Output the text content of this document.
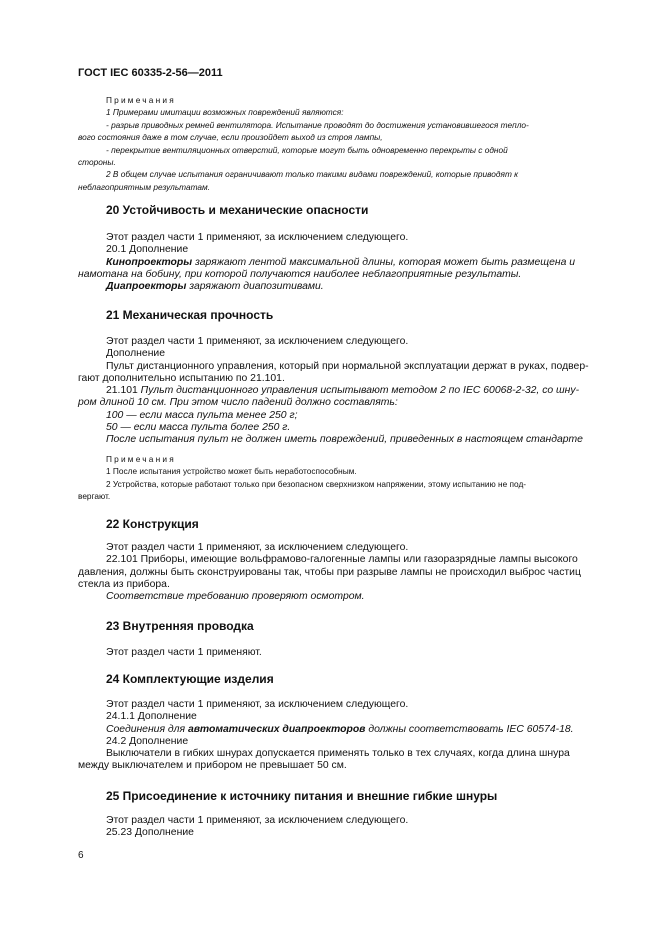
ГОСТ IEC 60335-2-56—2011

Примечания

1 Примерами имитации возможных повреждений являются:

- разрыв приводных ремней вентилятора. Испытание проводят до достижения установившегося тепло-

вого состояния даже в том случае, если произойдет выход из строя лампы,

- перекрытие вентиляционных отверстий, которые могут быть одновременно перекрыты с одной

стороны.

2 В общем случае испытания ограничивают только такими видами повреждений, которые приводят к

неблагоприятным результатам.

20 Устойчивость и механические опасности

Этот раздел части 1 применяют, за исключением следующего.

20.1 Дополнение

Кинопроекторы заряжают лентой максимальной длины, которая может быть размещена и

намотана на бобину, при которой получаются наиболее неблагоприятные результаты.

Диапроекторы заряжают диапозитивами.

21 Механическая прочность

Этот раздел части 1 применяют, за исключением следующего.

Дополнение

Пульт дистанционного управления, который при нормальной эксплуатации держат в руках, подвер-

гают дополнительно испытанию по 21.101.

21.101 Пульт дистанционного управления испытывают методом 2 по IEC 60068-2-32, со шну-

ром длиной 10 см. При этом число падений должно составлять:

100 — если масса пульта менее 250 г;

50 — если масса пульта более 250 г.

После испытания пульт не должен иметь повреждений, приведенных в настоящем стандарте

Примечания

1 После испытания устройство может быть неработоспособным.

2 Устройства, которые работают только при безопасном сверхнизком напряжении, этому испытанию не под-

вергают.

22 Конструкция

Этот раздел части 1 применяют, за исключением следующего.

22.101 Приборы, имеющие вольфрамово-галогенные лампы или газоразрядные лампы высокого

давления, должны быть сконструированы так, чтобы при разрыве лампы не происходил выброс частиц

стекла из прибора.

Соответствие требованию проверяют осмотром.

23 Внутренняя проводка

Этот раздел части 1 применяют.

24 Комплектующие изделия

Этот раздел части 1 применяют, за исключением следующего.

24.1.1 Дополнение

Соединения для автоматических диапроекторов должны соответствовать IEC 60574-18.

24.2 Дополнение

Выключатели в гибких шнурах допускается применять только в тех случаях, когда длина шнура

между выключателем и прибором не превышает 50 см.

25 Присоединение к источнику питания и внешние гибкие шнуры

Этот раздел части 1 применяют, за исключением следующего.

25.23 Дополнение

6
